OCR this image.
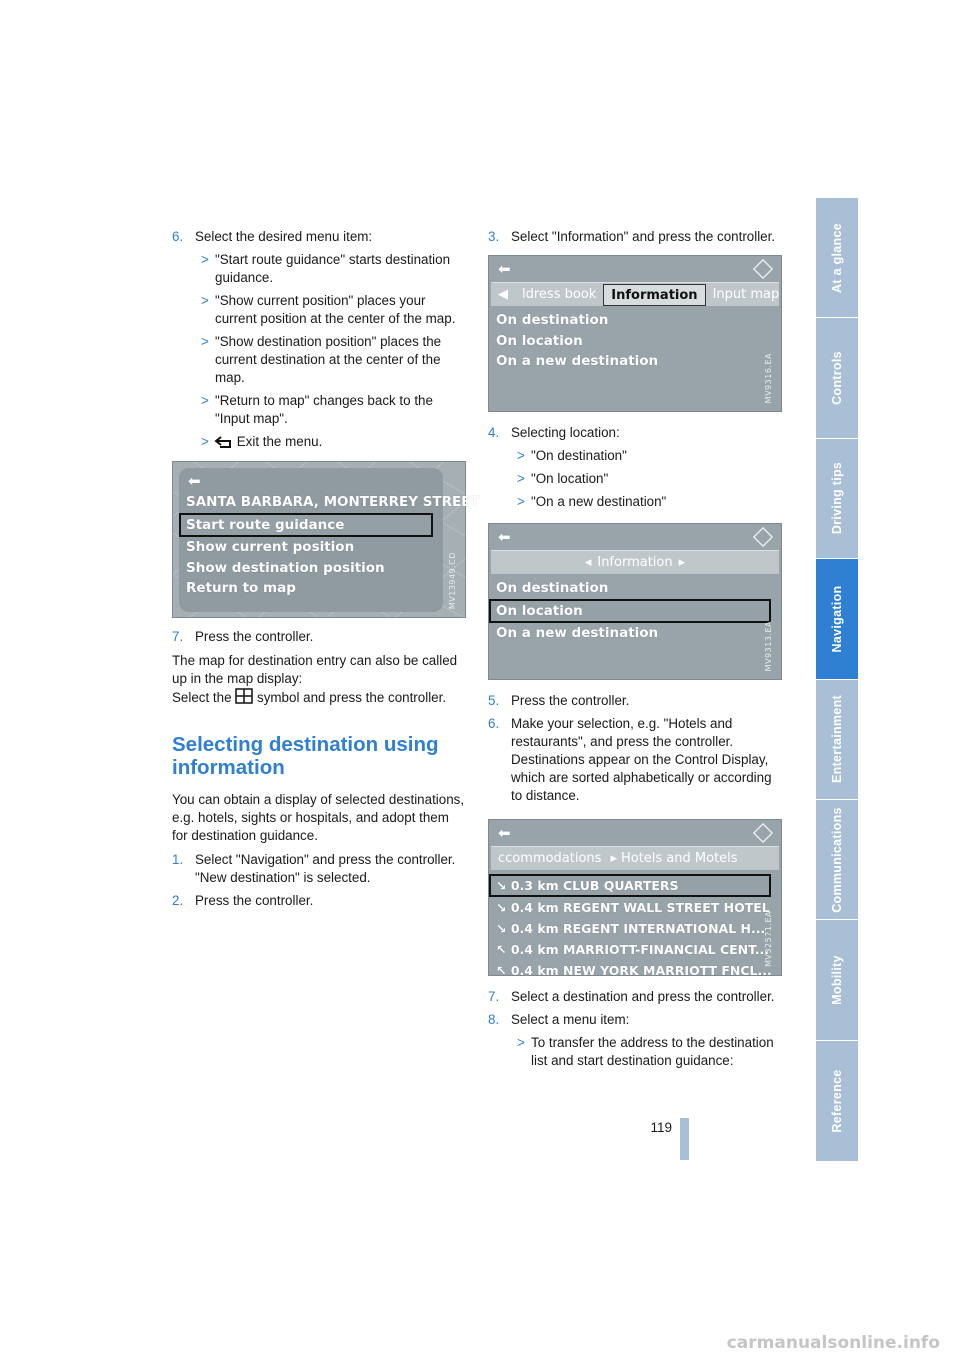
6. Select the desired menu item:
> "Start route guidance" starts destination guidance.
> "Show current position" places your current position at the center of the map.
> "Show destination position" places the current destination at the center of the map.
> "Return to map" changes back to the "Input map".
>	Exit the menu.
⬅
SANTA BARBARA, MONTERREY STREET
Start route guidance
Show current position
Show destination position
Return to map	MV13949.CD
7. Press the controller.

The map for destination entry can also be called up in the map display:

Select the  symbol and press the controller.

Selecting destination using information

You can obtain a display of selected destinations, e.g. hotels, sights or hospitals, and adopt them for destination guidance.

1. Select "Navigation" and press the controller.
"New destination" is selected.
2. Press the controller.
3. Select "Information" and press the controller.
⬅
◀	ldress book	Information	Input map	▶
On destination
On location
On a new destination	MV9316.EA
4. Selecting location:
> "On destination"
> "On location"
> "On a new destination"
⬅
◂ Information ▸
On destination
On location
On a new destination	MV9313.EA
5. Press the controller.
6. Make your selection, e.g. "Hotels and restaurants", and press the controller. Destinations appear on the Control Display, which are sorted alphabetically or according to distance.
⬅
ccommodations ▸ Hotels and Motels
↘ 0.3 km CLUB QUARTERS
↘ 0.4 km REGENT WALL STREET HOTEL
↘ 0.4 km REGENT INTERNATIONAL H...
↖ 0.4 km MARRIOTT-FINANCIAL CENT...
↖ 0.4 km NEW YORK MARRIOTT FNCL...
MV32571.EA
7. Select a destination and press the controller.
8. Select a menu item:
> To transfer the address to the destination list and start destination guidance:
At a glance
Controls
Driving tips
Navigation
Entertainment
Communications
Mobility
Reference
119
carmanualsonline.info
